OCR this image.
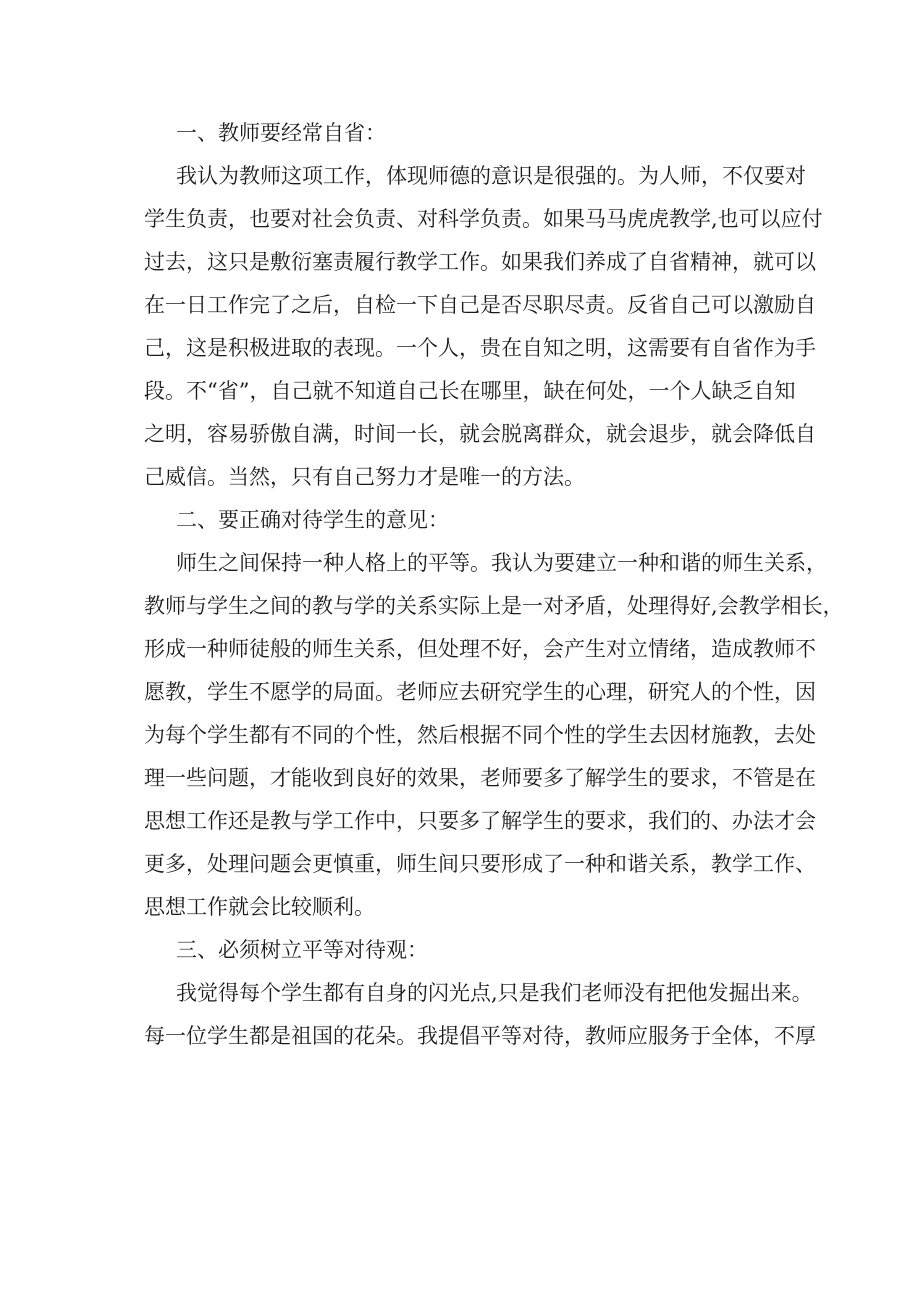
一、教师要经常自省：

我认为教师这项工作，体现师德的意识是很强的。为人师，不仅要对

学生负责，也要对社会负责、对科学负责。如果马马虎虎教学,也可以应付

过去，这只是敷衍塞责履行教学工作。如果我们养成了自省精神，就可以

在一日工作完了之后，自检一下自己是否尽职尽责。反省自己可以激励自

己，这是积极进取的表现。一个人，贵在自知之明，这需要有自省作为手

段。不“省”，自己就不知道自己长在哪里，缺在何处，一个人缺乏自知

之明，容易骄傲自满，时间一长，就会脱离群众，就会退步，就会降低自

己威信。当然，只有自己努力才是唯一的方法。

二、要正确对待学生的意见：

师生之间保持一种人格上的平等。我认为要建立一种和谐的师生关系，

教师与学生之间的教与学的关系实际上是一对矛盾，处理得好,会教学相长，

形成一种师徒般的师生关系，但处理不好，会产生对立情绪，造成教师不

愿教，学生不愿学的局面。老师应去研究学生的心理，研究人的个性，因

为每个学生都有不同的个性，然后根据不同个性的学生去因材施教，去处

理一些问题，才能收到良好的效果，老师要多了解学生的要求，不管是在

思想工作还是教与学工作中，只要多了解学生的要求，我们的、办法才会

更多，处理问题会更慎重，师生间只要形成了一种和谐关系，教学工作、

思想工作就会比较顺利。

三、必须树立平等对待观：

我觉得每个学生都有自身的闪光点,只是我们老师没有把他发掘出来。

每一位学生都是祖国的花朵。我提倡平等对待，教师应服务于全体，不厚
